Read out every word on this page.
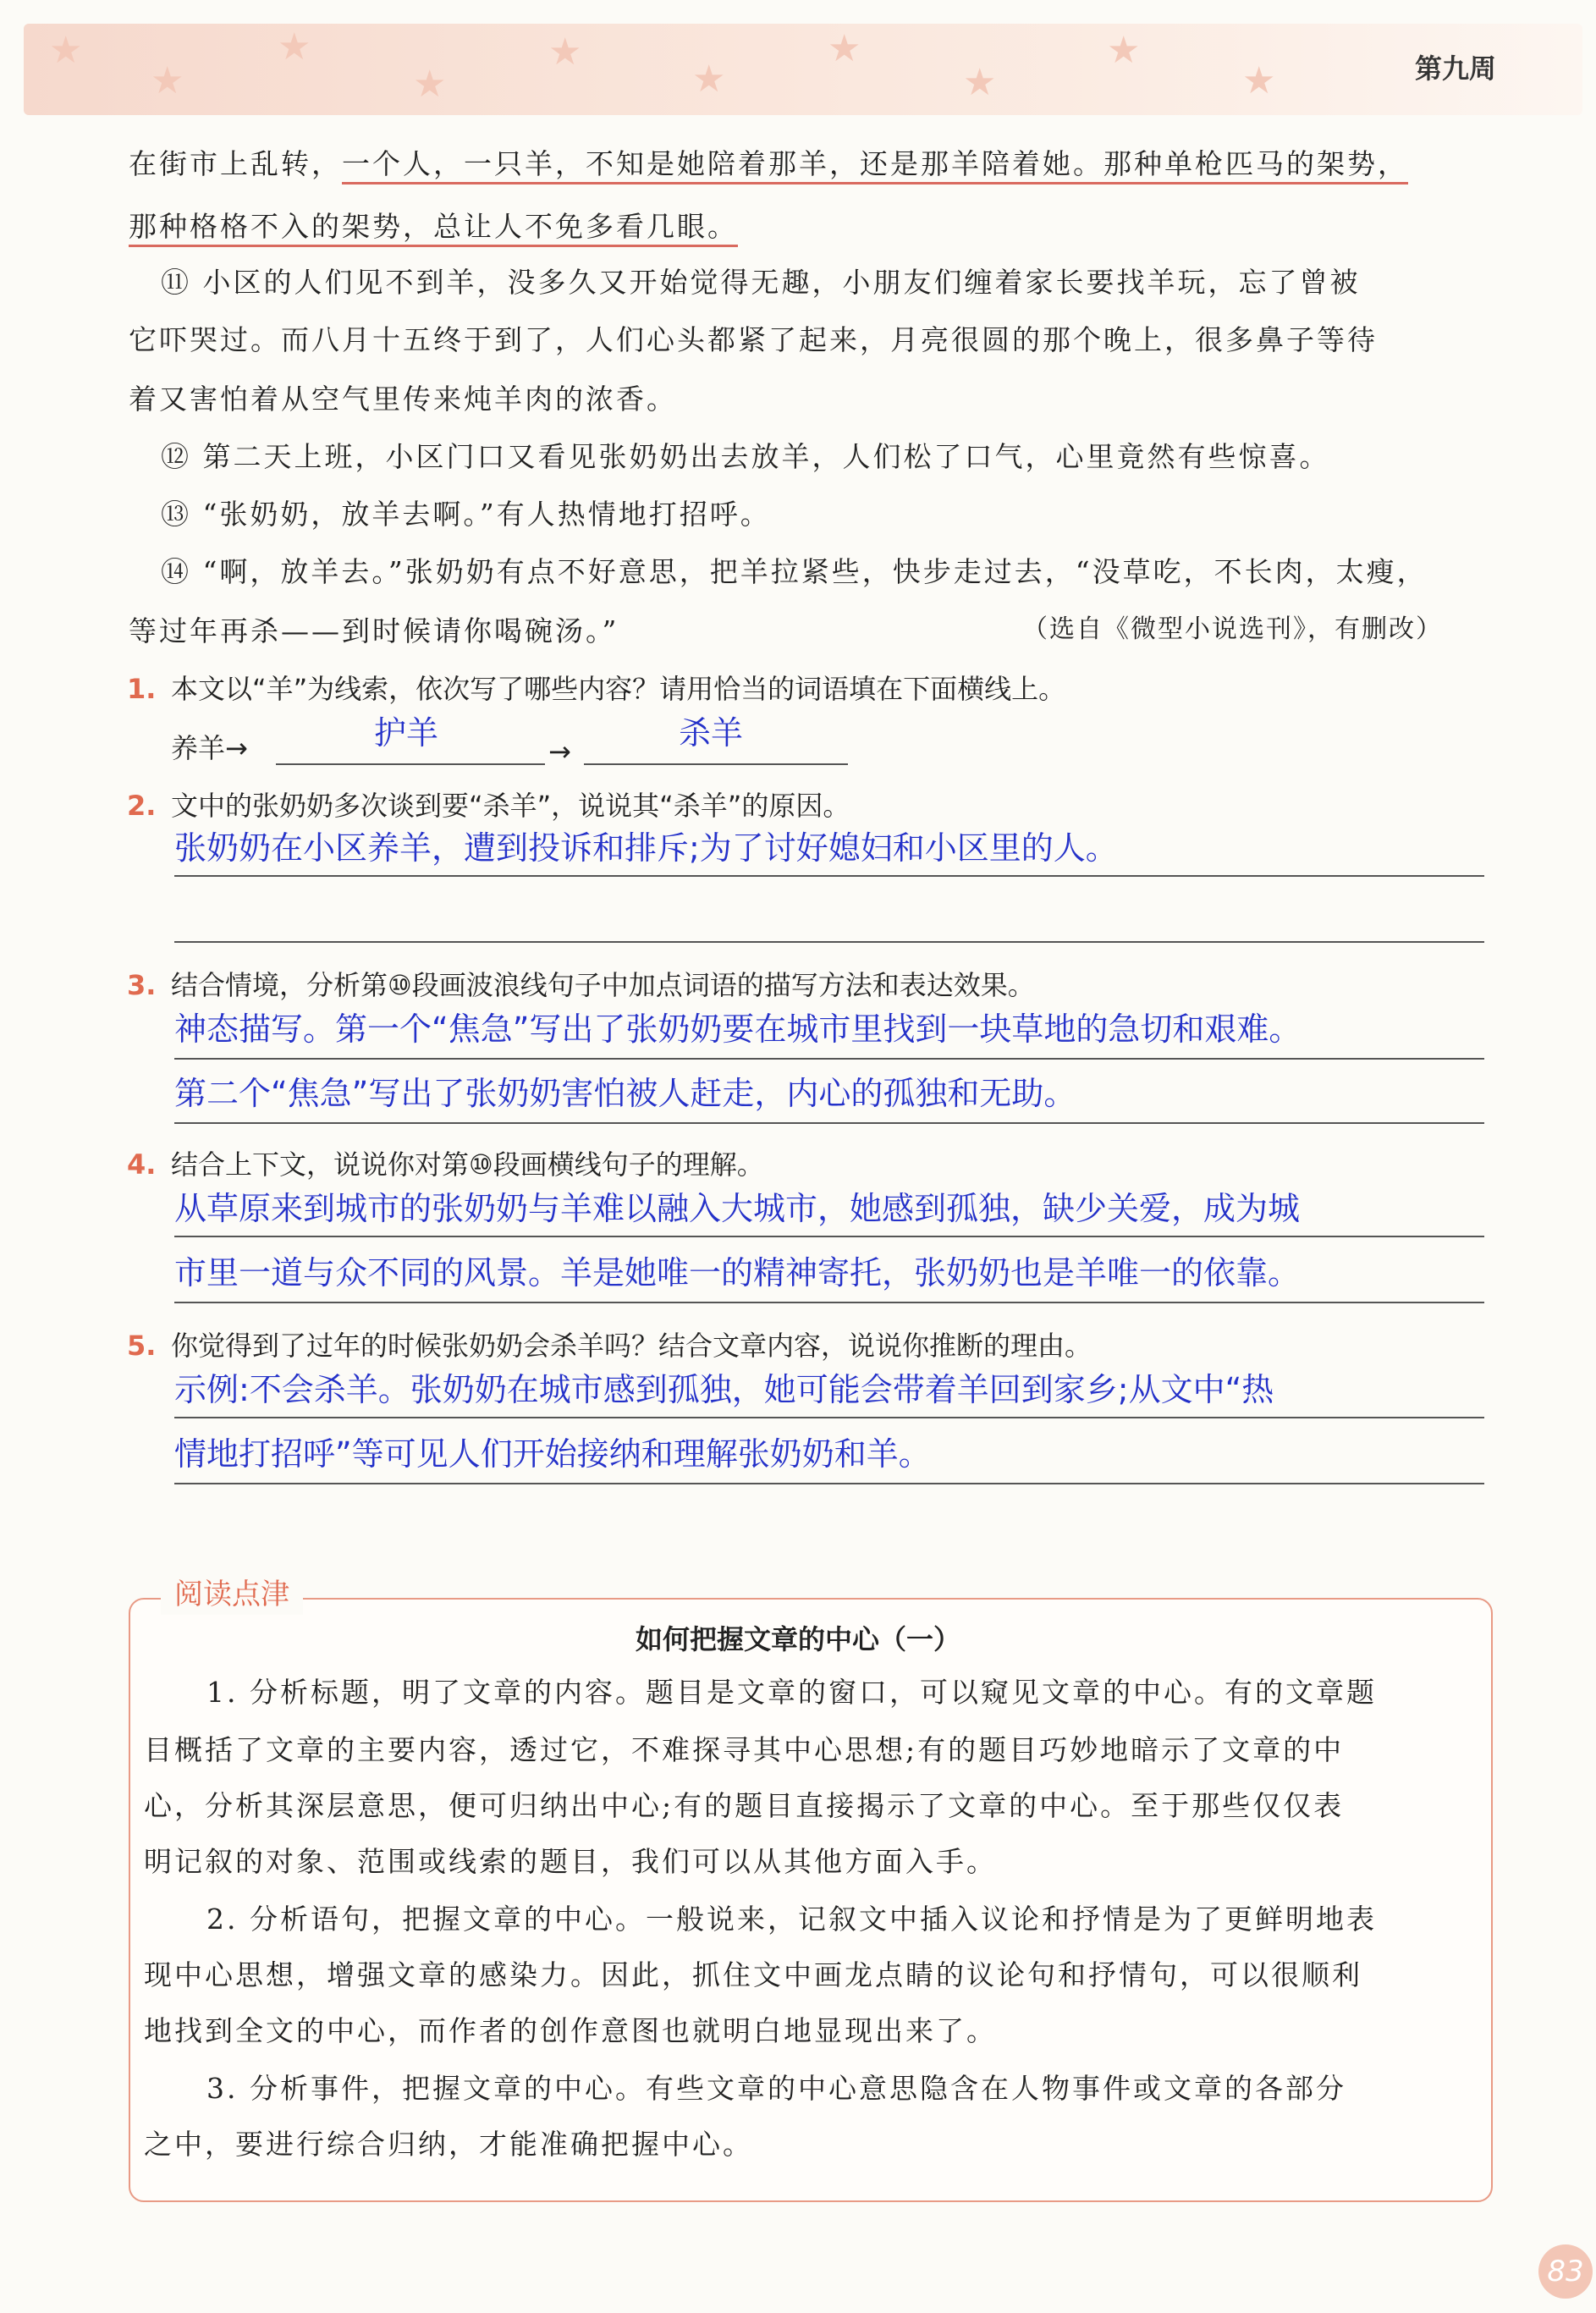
★
★
★
★
★
★
★
★
★
★	第九周
在街市上乱转，一个人，一只羊，不知是她陪着那羊，还是那羊陪着她。那种单枪匹马的架势，
那种格格不入的架势，总让人不免多看几眼。
⑪ 小区的人们见不到羊，没多久又开始觉得无趣，小朋友们缠着家长要找羊玩，忘了曾被
它吓哭过。而八月十五终于到了，人们心头都紧了起来，月亮很圆的那个晚上，很多鼻子等待
着又害怕着从空气里传来炖羊肉的浓香。
⑫ 第二天上班，小区门口又看见张奶奶出去放羊，人们松了口气，心里竟然有些惊喜。
⑬ “张奶奶，放羊去啊。”有人热情地打招呼。
⑭ “啊，放羊去。”张奶奶有点不好意思，把羊拉紧些，快步走过去，“没草吃，不长肉，太瘦，
等过年再杀——到时候请你喝碗汤。”	（选自《微型小说选刊》，有删改）
1. 本文以“羊”为线索，依次写了哪些内容？请用恰当的词语填在下面横线上。
养羊→	护羊	→	杀羊
2. 文中的张奶奶多次谈到要“杀羊”，说说其“杀羊”的原因。
张奶奶在小区养羊，遭到投诉和排斥;为了讨好媳妇和小区里的人。
3. 结合情境，分析第⑩段画波浪线句子中加点词语的描写方法和表达效果。
神态描写。第一个“焦急”写出了张奶奶要在城市里找到一块草地的急切和艰难。
第二个“焦急”写出了张奶奶害怕被人赶走，内心的孤独和无助。
4. 结合上下文，说说你对第⑩段画横线句子的理解。
从草原来到城市的张奶奶与羊难以融入大城市，她感到孤独，缺少关爱，成为城
市里一道与众不同的风景。羊是她唯一的精神寄托，张奶奶也是羊唯一的依靠。
5. 你觉得到了过年的时候张奶奶会杀羊吗？结合文章内容，说说你推断的理由。
示例:不会杀羊。张奶奶在城市感到孤独，她可能会带着羊回到家乡;从文中“热
情地打招呼”等可见人们开始接纳和理解张奶奶和羊。
阅读点津
如何把握文章的中心（一）
1. 分析标题，明了文章的内容。题目是文章的窗口，可以窥见文章的中心。有的文章题
目概括了文章的主要内容，透过它，不难探寻其中心思想;有的题目巧妙地暗示了文章的中
心，分析其深层意思，便可归纳出中心;有的题目直接揭示了文章的中心。至于那些仅仅表
明记叙的对象、范围或线索的题目，我们可以从其他方面入手。
2. 分析语句，把握文章的中心。一般说来，记叙文中插入议论和抒情是为了更鲜明地表
现中心思想，增强文章的感染力。因此，抓住文中画龙点睛的议论句和抒情句，可以很顺利
地找到全文的中心，而作者的创作意图也就明白地显现出来了。
3. 分析事件，把握文章的中心。有些文章的中心意思隐含在人物事件或文章的各部分
之中，要进行综合归纳，才能准确把握中心。
83
